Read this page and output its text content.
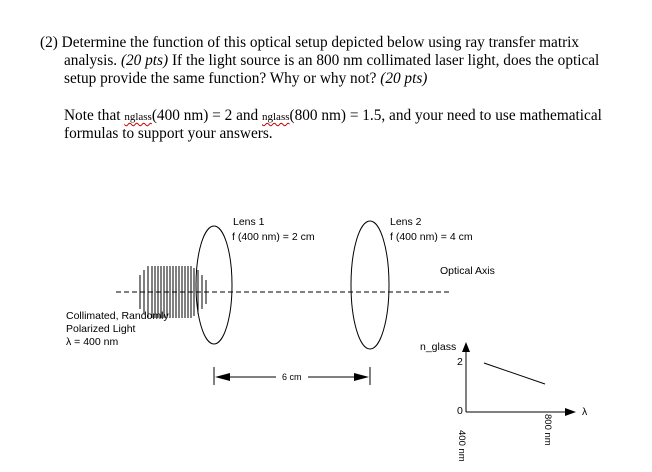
(2) Determine the function of this optical setup depicted below using ray transfer matrix
analysis. (20 pts) If the light source is an 800 nm collimated laser light, does the optical
setup provide the same function? Why or why not? (20 pts)
Note that nglass(400 nm) = 2 and nglass(800 nm) = 1.5, and your need to use mathematical
formulas to support your answers.
Lens 1
f (400 nm) = 2 cm
Lens 2
f (400 nm) = 4 cm
Optical Axis
Collimated, Randomly
Polarized Light
λ = 400 nm
6 cm
n_glass
2
0	λ
400 nm
800 nm
